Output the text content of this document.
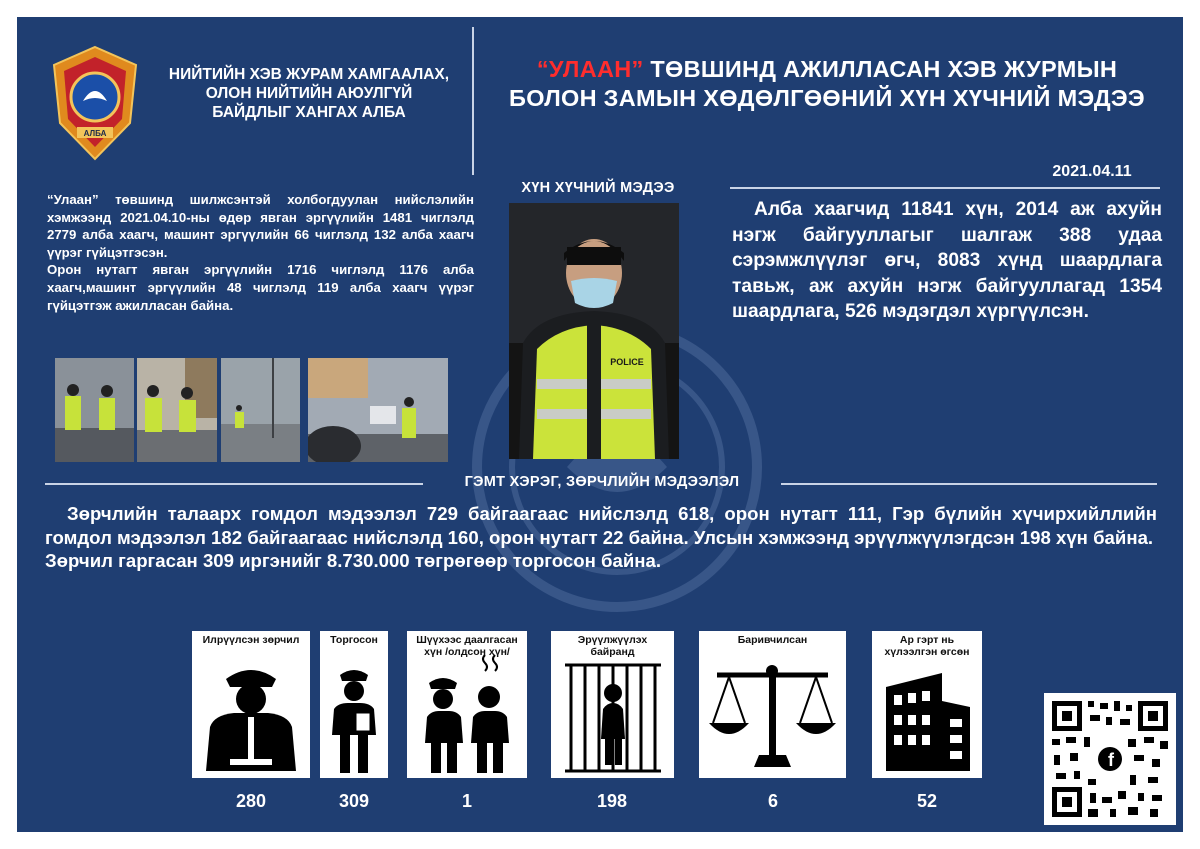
АЛБА
НИЙТИЙН ХЭВ ЖУРАМ ХАМГААЛАХ,
ОЛОН НИЙТИЙН АЮУЛГҮЙ
БАЙДЛЫГ ХАНГАХ АЛБА
“УЛААН” ТӨВШИНД АЖИЛЛАСАН ХЭВ ЖУРМЫН
БОЛОН ЗАМЫН ХӨДӨЛГӨӨНИЙ ХҮН ХҮЧНИЙ МЭДЭЭ
2021.04.11

“Улаан” төвшинд шилжсэнтэй холбогдуулан нийслэлийн хэмжээнд 2021.04.10-ны өдөр явган эргүүлийн 1481 чиглэлд 2779 алба хаагч, машинт эргүүлийн 66 чиглэлд 132 алба хаагч үүрэг гүйцэтгэсэн.

Орон нутагт явган эргүүлийн 1716 чиглэлд 1176 алба хаагч,машинт эргүүлийн 48 чиглэлд 119 алба хаагч үүрэг гүйцэтгэж ажилласан байна.

ХҮН ХҮЧНИЙ МЭДЭЭ
POLICE
Алба хаагчид 11841 хүн, 2014 аж ахуйн нэгж байгууллагыг шалгаж 388 удаа сэрэмжлүүлэг өгч, 8083 хүнд шаардлага тавьж, аж ахуйн нэгж байгууллагад 1354 шаардлага, 526 мэдэгдэл хүргүүлсэн.
ГЭМТ ХЭРЭГ, ЗӨРЧЛИЙН МЭДЭЭЛЭЛ

Зөрчлийн талаарх гомдол мэдээлэл 729 байгаагаас нийслэлд 618, орон нутагт 111, Гэр бүлийн хүчирхийллийн гомдол мэдээлэл 182 байгаагаас нийслэлд 160, орон нутагт 22 байна. Улсын хэмжээнд эрүүлжүүлэгдсэн 198 хүн байна.

Зөрчил гаргасан 309 иргэнийг 8.730.000 төгрөгөөр торгосон байна.

Илрүүлсэн зөрчил	Торгосон	Шүүхээс даалгасан хүн /олдсон хүн/
Эрүүлжүүлэх байранд
Баривчилсан	Ар гэрт нь хүлээлгэн өгсөн
280	309	1	198	6	52
f
